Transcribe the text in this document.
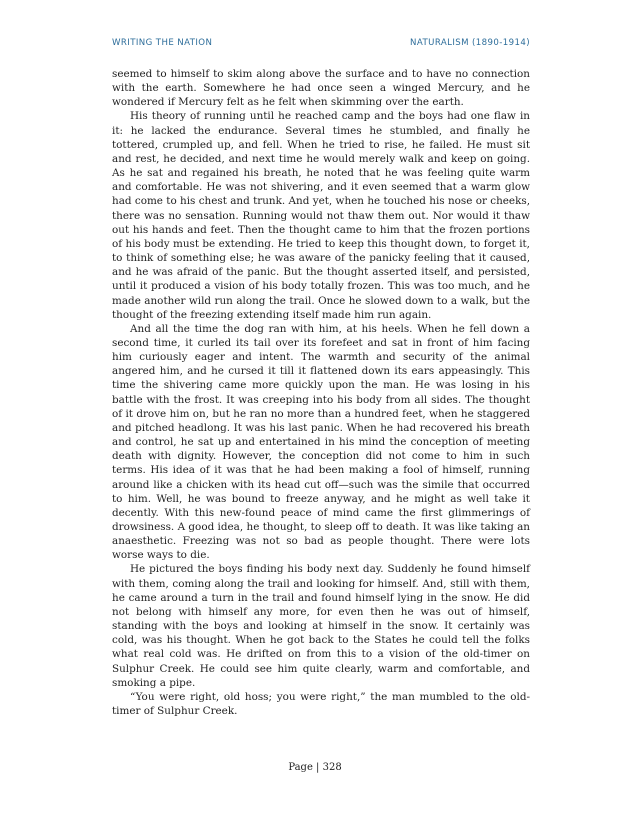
WRITING THE NATION	NATURALISM (1890-1914)

seemed to himself to skim along above the surface and to have no connection with the earth. Somewhere he had once seen a winged Mercury, and he wondered if Mercury felt as he felt when skimming over the earth.

His theory of running until he reached camp and the boys had one flaw in it: he lacked the endurance. Several times he stumbled, and finally he tottered, crumpled up, and fell. When he tried to rise, he failed. He must sit and rest, he decided, and next time he would merely walk and keep on going. As he sat and regained his breath, he noted that he was feeling quite warm and comfortable. He was not shivering, and it even seemed that a warm glow had come to his chest and trunk. And yet, when he touched his nose or cheeks, there was no sensation. Running would not thaw them out. Nor would it thaw out his hands and feet. Then the thought came to him that the frozen portions of his body must be extending. He tried to keep this thought down, to forget it, to think of something else; he was aware of the panicky feeling that it caused, and he was afraid of the panic. But the thought asserted itself, and persisted, until it produced a vision of his body totally frozen. This was too much, and he made another wild run along the trail. Once he slowed down to a walk, but the thought of the freezing extending itself made him run again.

And all the time the dog ran with him, at his heels. When he fell down a second time, it curled its tail over its forefeet and sat in front of him facing him curiously eager and intent. The warmth and security of the animal angered him, and he cursed it till it flattened down its ears appeasingly. This time the shivering came more quickly upon the man. He was losing in his battle with the frost. It was creeping into his body from all sides. The thought of it drove him on, but he ran no more than a hundred feet, when he staggered and pitched headlong. It was his last panic. When he had recovered his breath and control, he sat up and entertained in his mind the conception of meeting death with dignity. However, the conception did not come to him in such terms. His idea of it was that he had been making a fool of himself, running around like a chicken with its head cut off—such was the simile that occurred to him. Well, he was bound to freeze anyway, and he might as well take it decently. With this new-found peace of mind came the first glimmerings of drowsiness. A good idea, he thought, to sleep off to death. It was like taking an anaesthetic. Freezing was not so bad as people thought. There were lots worse ways to die.

He pictured the boys finding his body next day. Suddenly he found himself with them, coming along the trail and looking for himself. And, still with them, he came around a turn in the trail and found himself lying in the snow. He did not belong with himself any more, for even then he was out of himself, standing with the boys and looking at himself in the snow. It certainly was cold, was his thought. When he got back to the States he could tell the folks what real cold was. He drifted on from this to a vision of the old-timer on Sulphur Creek. He could see him quite clearly, warm and comfortable, and smoking a pipe.

“You were right, old hoss; you were right,” the man mumbled to the old-timer of Sulphur Creek.

Page | 328
